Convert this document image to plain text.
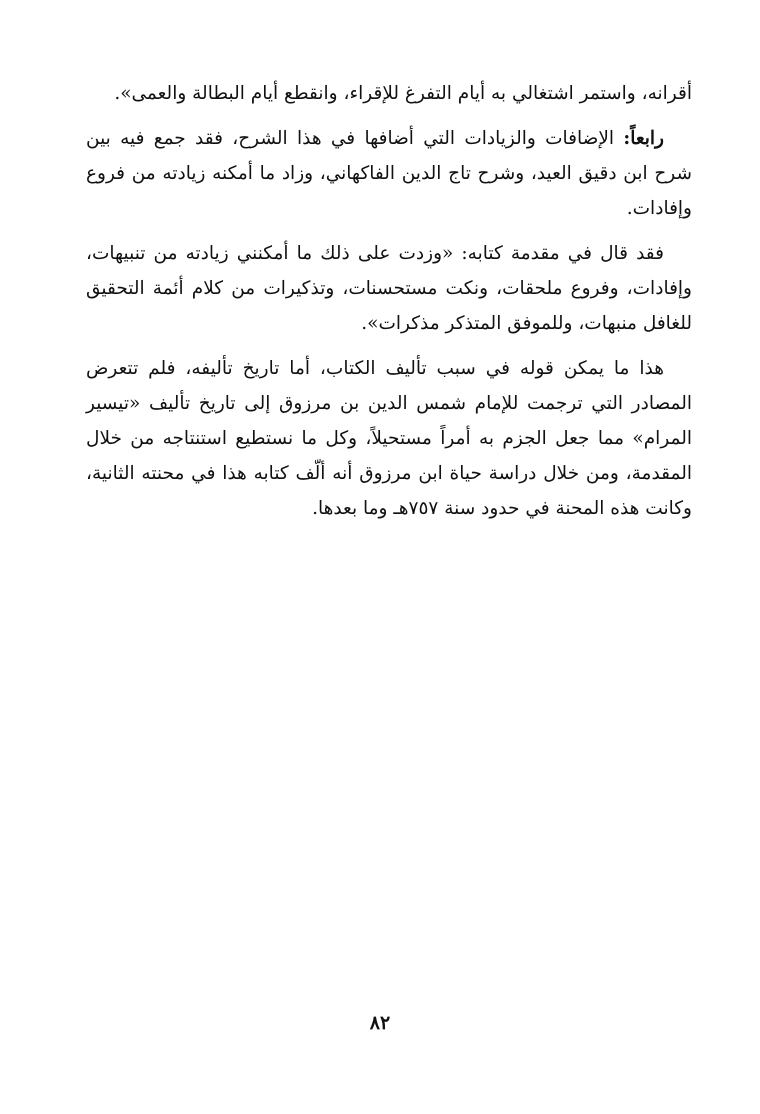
أقرانه، واستمر اشتغالي به أيام التفرغ للإقراء، وانقطع أيام البطالة والعمى».

رابعاً: الإضافات والزيادات التي أضافها في هذا الشرح، فقد جمع فيه بين شرح ابن دقيق العيد، وشرح تاج الدين الفاكهاني، وزاد ما أمكنه زيادته من فروع وإفادات.

فقد قال في مقدمة كتابه: «وزدت على ذلك ما أمكنني زيادته من تنبيهات، وإفادات، وفروع ملحقات، ونكت مستحسنات، وتذكيرات من كلام أئمة التحقيق للغافل منبهات، وللموفق المتذكر مذكرات».

هذا ما يمكن قوله في سبب تأليف الكتاب، أما تاريخ تأليفه، فلم تتعرض المصادر التي ترجمت للإمام شمس الدين بن مرزوق إلى تاريخ تأليف «تيسير المرام» مما جعل الجزم به أمراً مستحيلاً، وكل ما نستطيع استنتاجه من خلال المقدمة، ومن خلال دراسة حياة ابن مرزوق أنه ألّف كتابه هذا في محنته الثانية، وكانت هذه المحنة في حدود سنة ٧٥٧هـ وما بعدها.

٨٢
